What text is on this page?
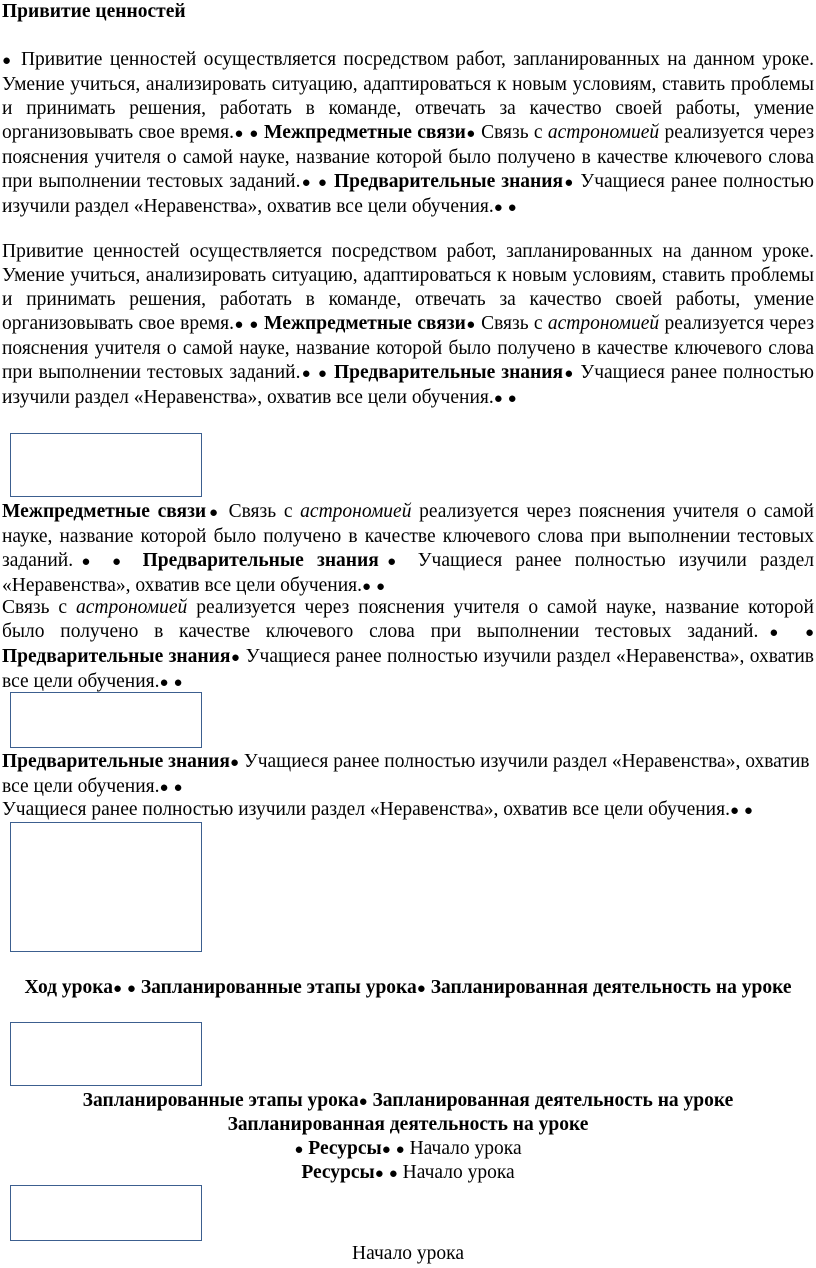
Привитие ценностей

● Привитие ценностей осуществляется посредством работ, запланированных на данном уроке. Умение учиться, анализировать ситуацию, адаптироваться к новым условиям, ставить проблемы и принимать решения, работать в команде, отвечать за качество своей работы, умение организовывать свое время.● ● Межпредметные связи● Связь с астрономией реализуется через пояснения учителя о самой науке, название которой было получено в качестве ключевого слова при выполнении тестовых заданий.● ● Предварительные знания● Учащиеся ранее полностью изучили раздел «Неравенства», охватив все цели обучения.● ●

Привитие ценностей осуществляется посредством работ, запланированных на данном уроке. Умение учиться, анализировать ситуацию, адаптироваться к новым условиям, ставить проблемы и принимать решения, работать в команде, отвечать за качество своей работы, умение организовывать свое время.● ● Межпредметные связи● Связь с астрономией реализуется через пояснения учителя о самой науке, название которой было получено в качестве ключевого слова при выполнении тестовых заданий.● ● Предварительные знания● Учащиеся ранее полностью изучили раздел «Неравенства», охватив все цели обучения.● ●

Межпредметные связи● Связь с астрономией реализуется через пояснения учителя о самой науке, название которой было получено в качестве ключевого слова при выполнении тестовых заданий.● ● Предварительные знания● Учащиеся ранее полностью изучили раздел «Неравенства», охватив все цели обучения.● ●

Связь с астрономией реализуется через пояснения учителя о самой науке, название которой было получено в качестве ключевого слова при выполнении тестовых заданий.● ● Предварительные знания● Учащиеся ранее полностью изучили раздел «Неравенства», охватив все цели обучения.● ●

Предварительные знания● Учащиеся ранее полностью изучили раздел «Неравенства», охватив все цели обучения.● ●

Учащиеся ранее полностью изучили раздел «Неравенства», охватив все цели обучения.● ●

Ход урока● ● Запланированные этапы урока● Запланированная деятельность на уроке

Запланированные этапы урока● Запланированная деятельность на уроке

Запланированная деятельность на уроке

● Ресурсы● ● Начало урока

Ресурсы● ● Начало урока

Начало урока
